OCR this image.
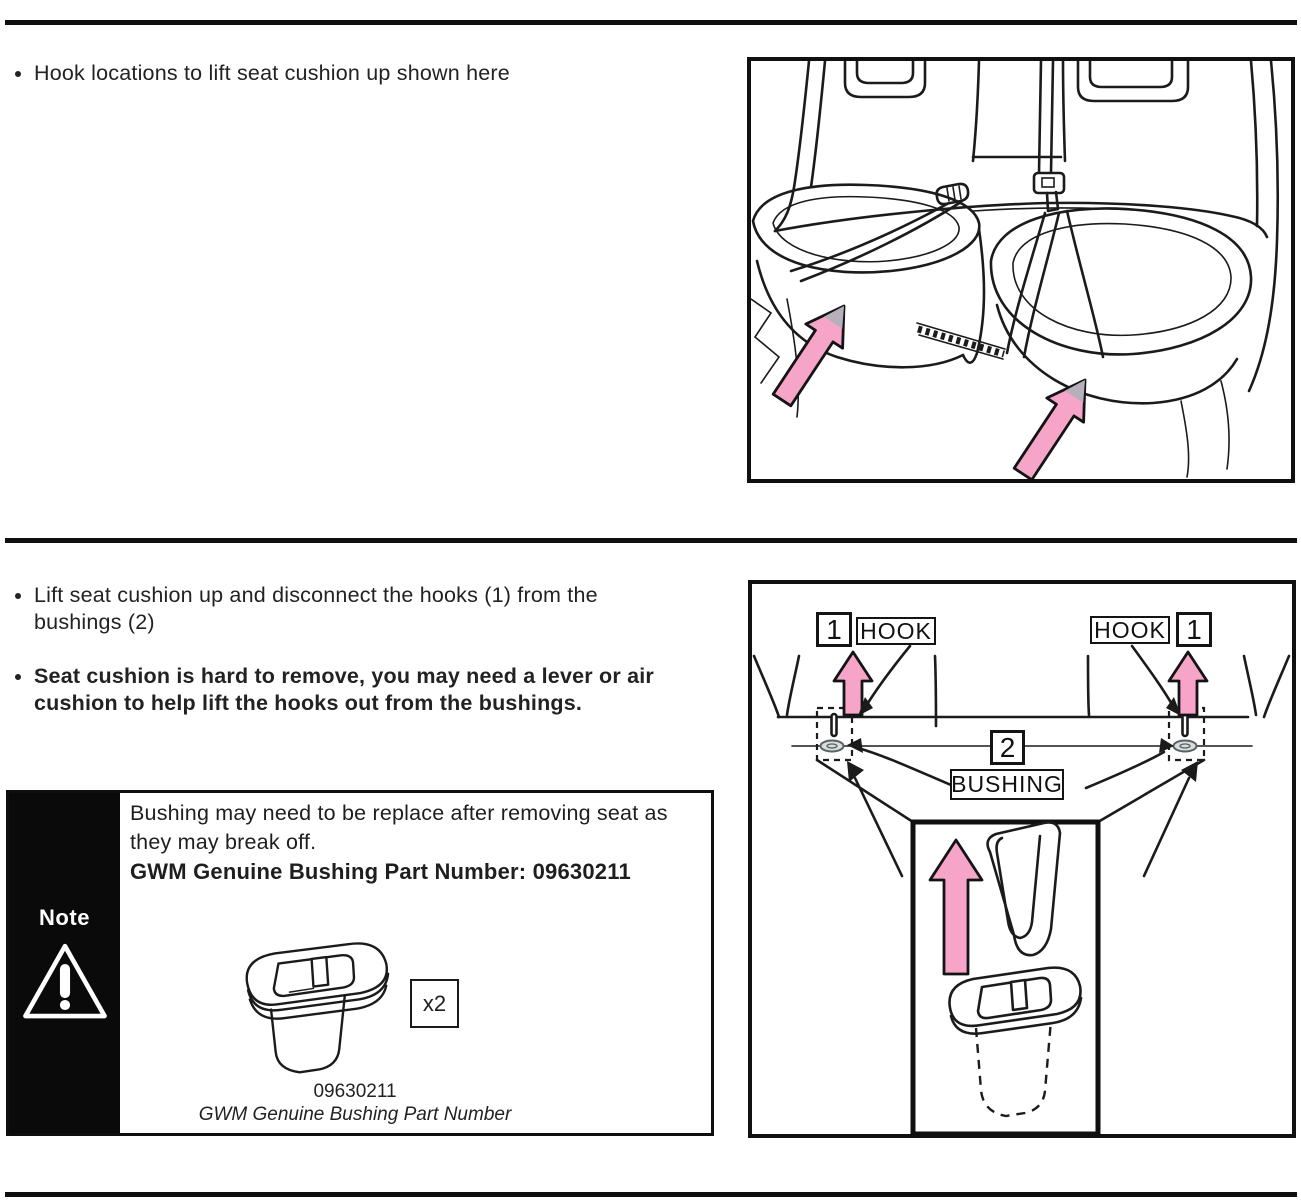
• Hook locations to lift seat cushion up shown here
• Lift seat cushion up and disconnect the hooks (1) from the bushings (2)
• Seat cushion is hard to remove, you may need a lever or air cushion to help lift the hooks out from the bushings.
Note
Bushing may need to be replace after removing seat as they may break off.
GWM Genuine Bushing Part Number: 09630211
x2
09630211
GWM Genuine Bushing Part Number
1 HOOK	HOOK 1
2
BUSHING
